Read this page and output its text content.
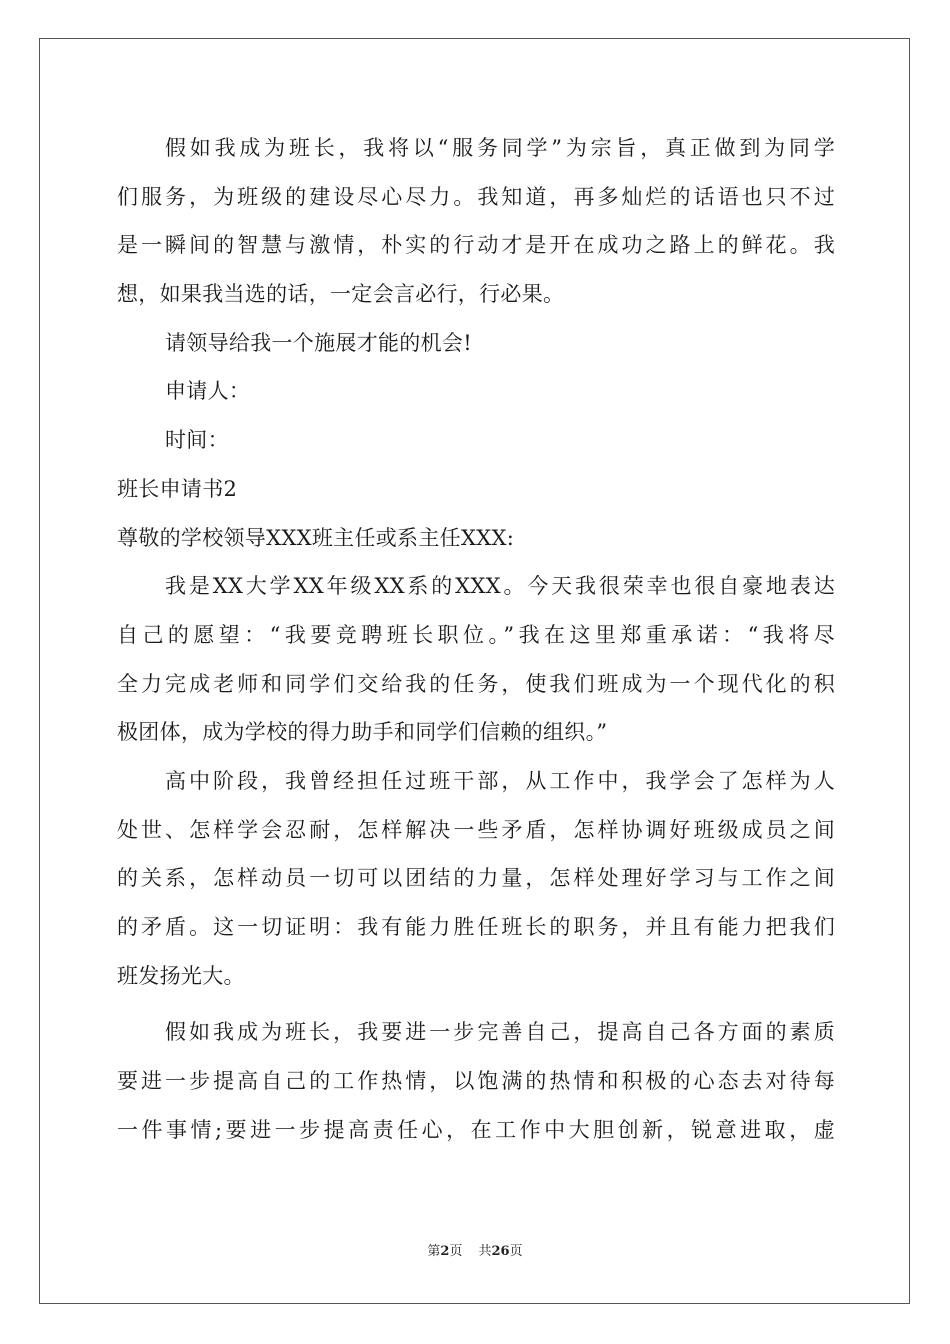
假如我成为班长，我将以“服务同学”为宗旨，真正做到为同学
们服务，为班级的建设尽心尽力。我知道，再多灿烂的话语也只不过
是一瞬间的智慧与激情，朴实的行动才是开在成功之路上的鲜花。我
想，如果我当选的话，一定会言必行，行必果。
请领导给我一个施展才能的机会!
申请人：
时间：
班长申请书2
尊敬的学校领导XXX班主任或系主任XXX:
我是XX大学XX年级XX系的XXX。今天我很荣幸也很自豪地表达
自己的愿望：“我要竞聘班长职位。”我在这里郑重承诺：“我将尽
全力完成老师和同学们交给我的任务，使我们班成为一个现代化的积
极团体，成为学校的得力助手和同学们信赖的组织。”
高中阶段，我曾经担任过班干部，从工作中，我学会了怎样为人
处世、怎样学会忍耐，怎样解决一些矛盾，怎样协调好班级成员之间
的关系，怎样动员一切可以团结的力量，怎样处理好学习与工作之间
的矛盾。这一切证明：我有能力胜任班长的职务，并且有能力把我们
班发扬光大。
假如我成为班长，我要进一步完善自己，提高自己各方面的素质
要进一步提高自己的工作热情，以饱满的热情和积极的心态去对待每
一件事情;要进一步提高责任心，在工作中大胆创新，锐意进取，虚
第2页 共26页
